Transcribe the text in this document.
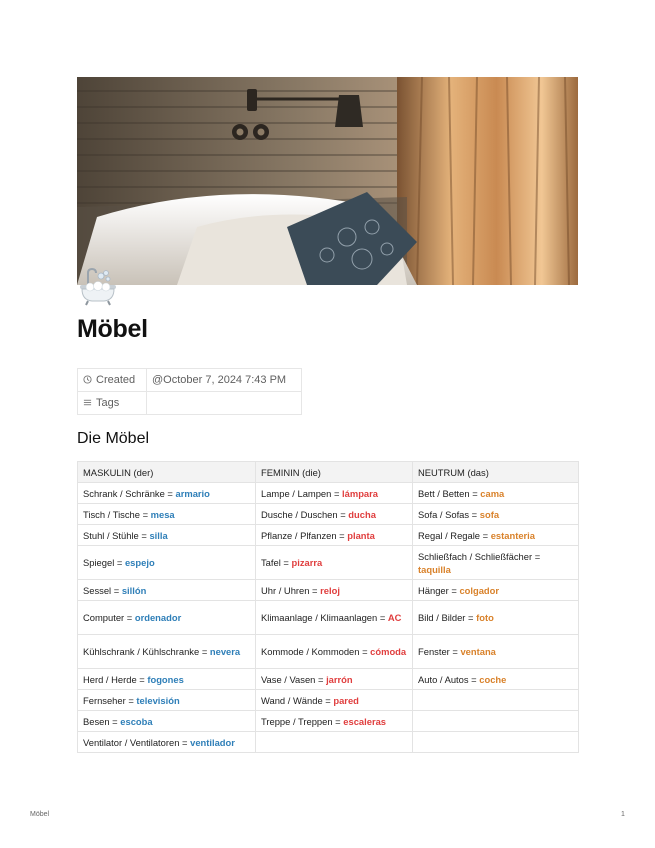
Möbel
Created	@October 7, 2024 7:43 PM
Tags	
Die Möbel
MASKULIN (der)	FEMININ (die)	NEUTRUM (das)
Schrank / Schränke = armario	Lampe / Lampen = lámpara	Bett / Betten = cama
Tisch / Tische = mesa	Dusche / Duschen = ducha	Sofa / Sofas = sofa
Stuhl / Stühle = silla	Pflanze / Plfanzen = planta	Regal / Regale = estanteria
Spiegel = espejo	Tafel = pizarra	Schließfach / Schließfächer = taquilla
Sessel = sillón	Uhr / Uhren = reloj	Hänger = colgador
Computer = ordenador	Klimaanlage / Klimaanlagen = AC	Bild / Bilder = foto
Kühlschrank / Kühlschranke = nevera	Kommode / Kommoden = cómoda	Fenster = ventana
Herd / Herde = fogones	Vase / Vasen = jarrón	Auto / Autos = coche
Fernseher = televisión	Wand / Wände = pared	
Besen = escoba	Treppe / Treppen = escaleras	
Ventilator / Ventilatoren = ventilador		
Möbel	1
